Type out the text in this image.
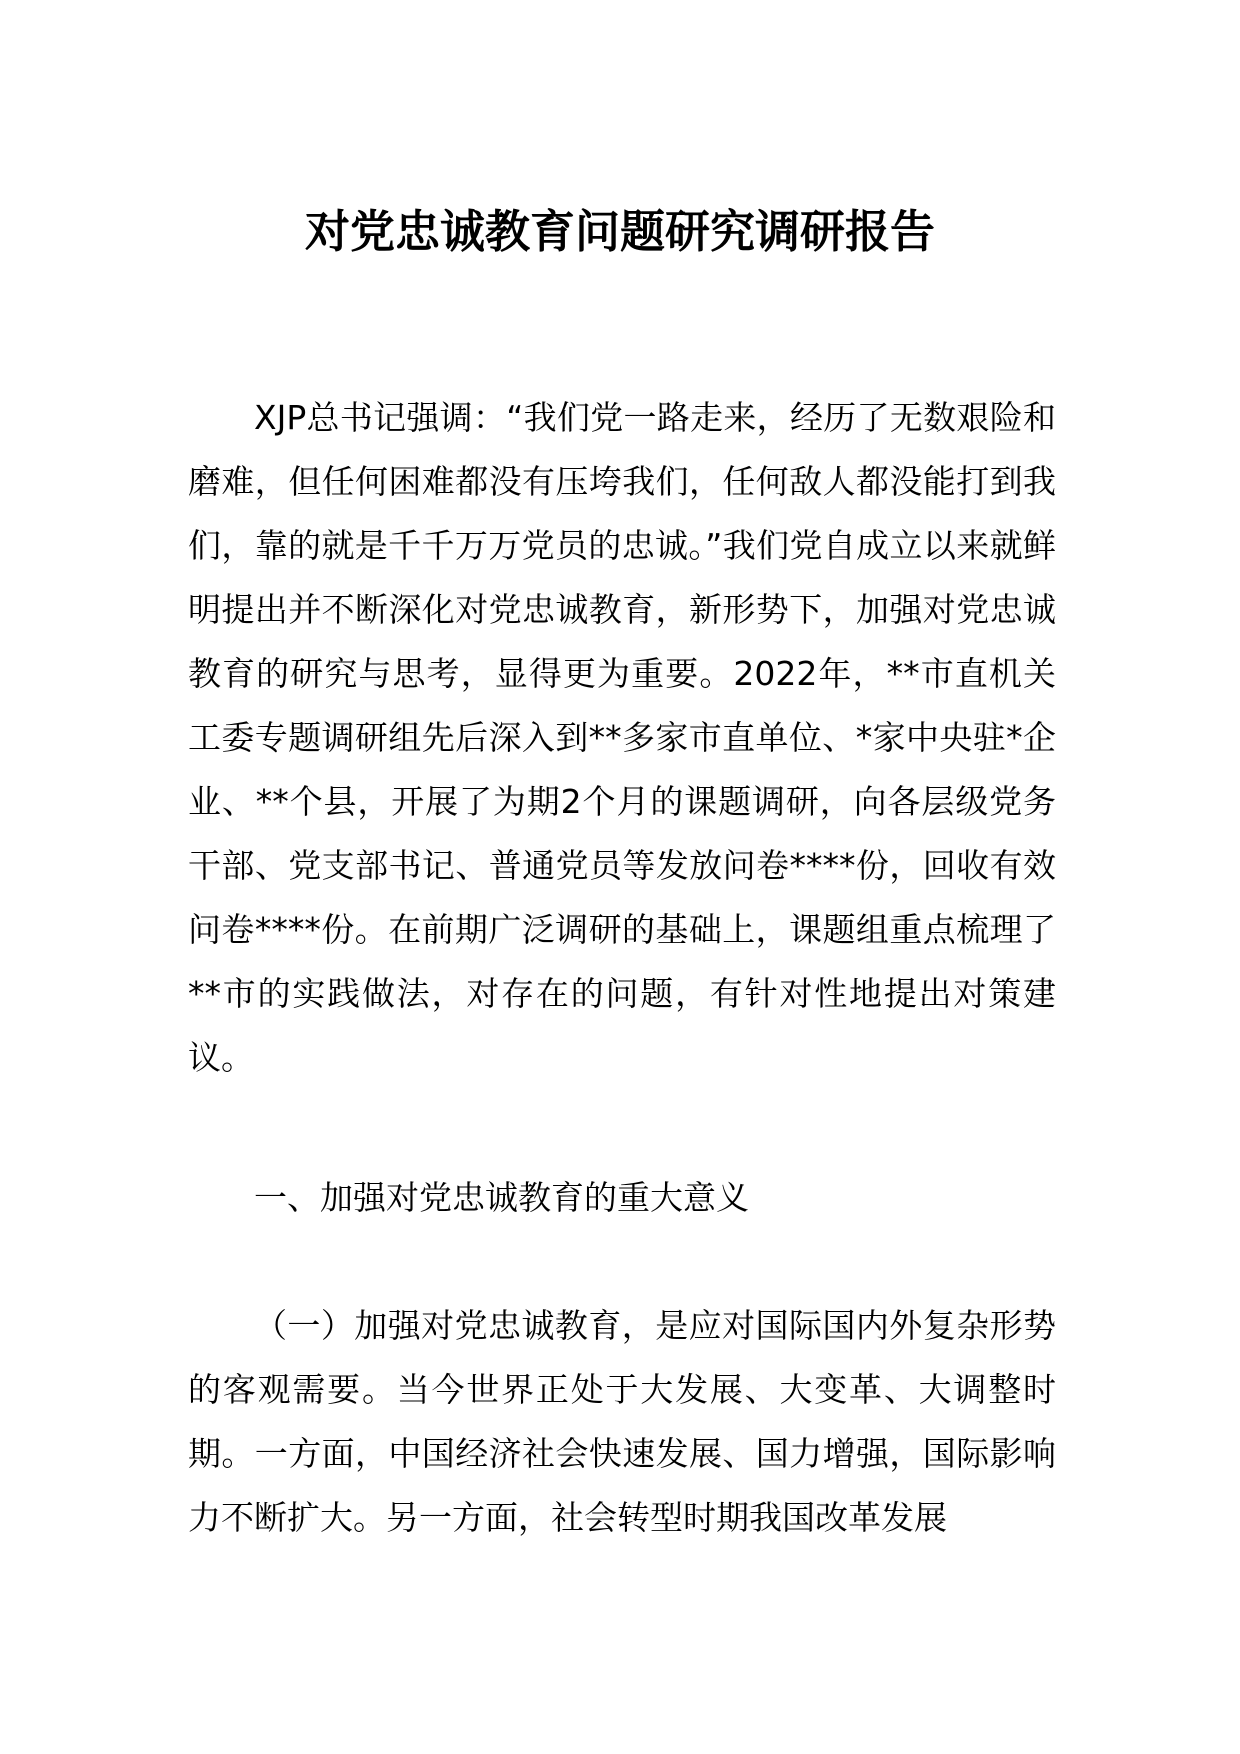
对党忠诚教育问题研究调研报告

XJP总书记强调：“我们党一路走来，经历了无数艰险和磨难，但任何困难都没有压垮我们，任何敌人都没能打到我们，靠的就是千千万万党员的忠诚。”我们党自成立以来就鲜明提出并不断深化对党忠诚教育，新形势下，加强对党忠诚教育的研究与思考，显得更为重要。2022年，**市直机关工委专题调研组先后深入到**多家市直单位、*家中央驻*企业、**个县，开展了为期2个月的课题调研，向各层级党务干部、党支部书记、普通党员等发放问卷****份，回收有效问卷****份。在前期广泛调研的基础上，课题组重点梳理了**市的实践做法，对存在的问题，有针对性地提出对策建议。

一、加强对党忠诚教育的重大意义

（一）加强对党忠诚教育，是应对国际国内外复杂形势的客观需要。当今世界正处于大发展、大变革、大调整时期。一方面，中国经济社会快速发展、国力增强，国际影响力不断扩大。另一方面，社会转型时期我国改革发展
